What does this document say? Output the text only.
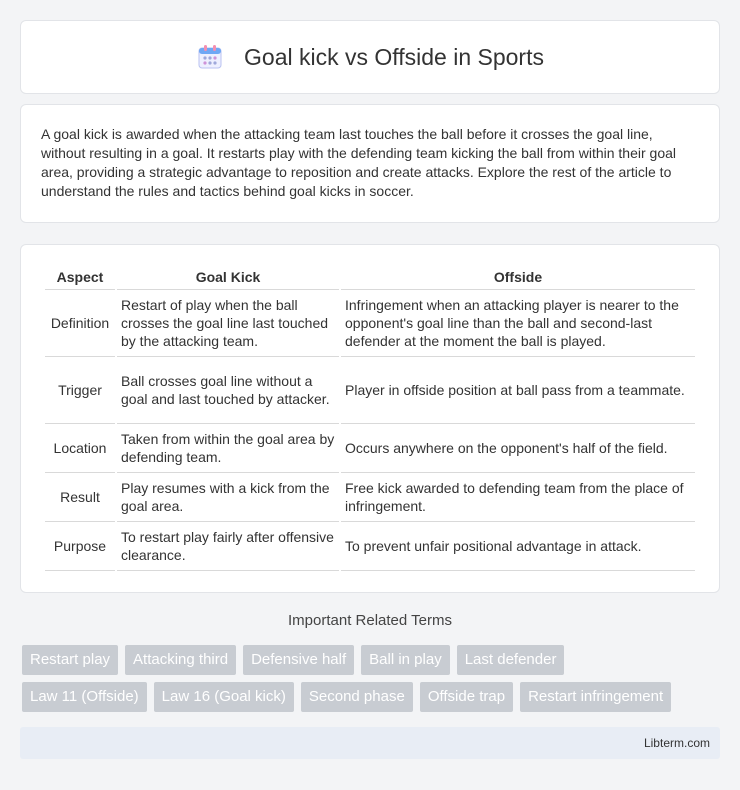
Goal kick vs Offside in Sports

A goal kick is awarded when the attacking team last touches the ball before it crosses the goal line, without resulting in a goal. It restarts play with the defending team kicking the ball from within their goal area, providing a strategic advantage to reposition and create attacks. Explore the rest of the article to understand the rules and tactics behind goal kicks in soccer.

Aspect	Goal Kick	Offside
Definition	Restart of play when the ball crosses the goal line last touched by the attacking team.	Infringement when an attacking player is nearer to the opponent's goal line than the ball and second-last defender at the moment the ball is played.
Trigger	Ball crosses goal line without a goal and last touched by attacker.	Player in offside position at ball pass from a teammate.
Location	Taken from within the goal area by defending team.	Occurs anywhere on the opponent's half of the field.
Result	Play resumes with a kick from the goal area.	Free kick awarded to defending team from the place of infringement.
Purpose	To restart play fairly after offensive clearance.	To prevent unfair positional advantage in attack.
Important Related Terms
Restart play	Attacking third	Defensive half	Ball in play	Last defender
Law 11 (Offside)	Law 16 (Goal kick)	Second phase	Offside trap	Restart infringement
Libterm.com
